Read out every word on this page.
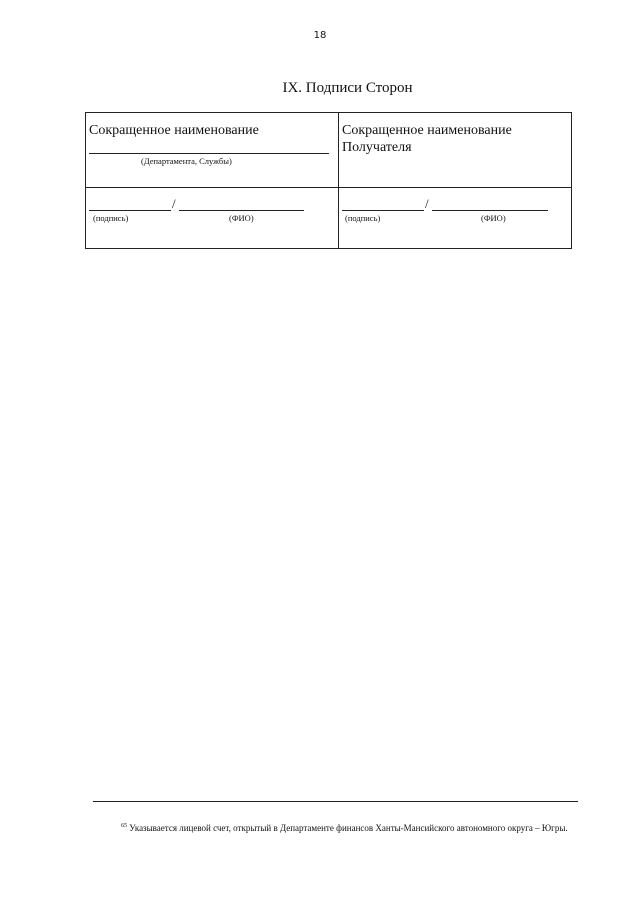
18
IX. Подписи Сторон
Сокращенное наименование
(Департамента, Службы)
Сокращенное наименование Получателя
/
(подпись)	(ФИО)
/
(подпись)	(ФИО)
$^{65}$ Указывается лицевой счет, открытый в Департаменте финансов Ханты-Мансийского автономного округа – Югры.
